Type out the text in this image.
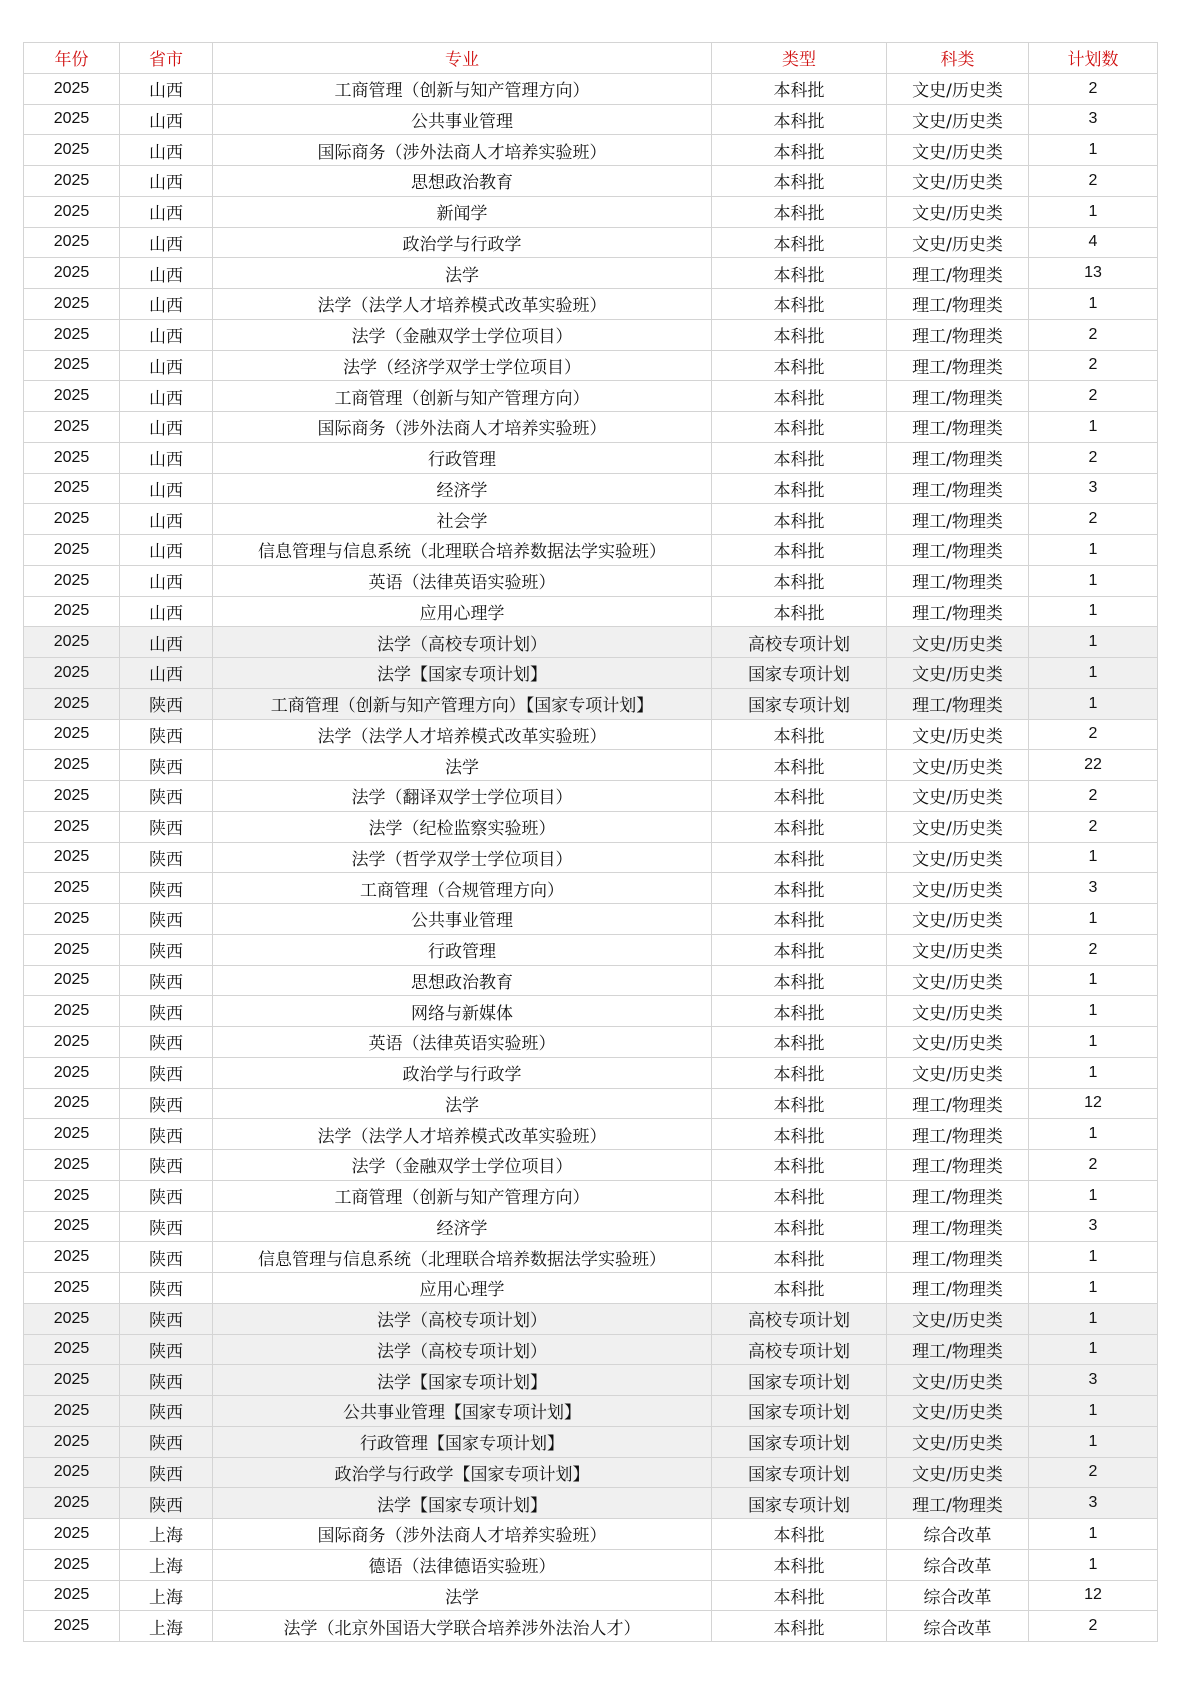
年份	省市	专业	类型	科类	计划数
2025	山西	工商管理（创新与知产管理方向）	本科批	文史/历史类	2
2025	山西	公共事业管理	本科批	文史/历史类	3
2025	山西	国际商务（涉外法商人才培养实验班）	本科批	文史/历史类	1
2025	山西	思想政治教育	本科批	文史/历史类	2
2025	山西	新闻学	本科批	文史/历史类	1
2025	山西	政治学与行政学	本科批	文史/历史类	4
2025	山西	法学	本科批	理工/物理类	13
2025	山西	法学（法学人才培养模式改革实验班）	本科批	理工/物理类	1
2025	山西	法学（金融双学士学位项目）	本科批	理工/物理类	2
2025	山西	法学（经济学双学士学位项目）	本科批	理工/物理类	2
2025	山西	工商管理（创新与知产管理方向）	本科批	理工/物理类	2
2025	山西	国际商务（涉外法商人才培养实验班）	本科批	理工/物理类	1
2025	山西	行政管理	本科批	理工/物理类	2
2025	山西	经济学	本科批	理工/物理类	3
2025	山西	社会学	本科批	理工/物理类	2
2025	山西	信息管理与信息系统（北理联合培养数据法学实验班）	本科批	理工/物理类	1
2025	山西	英语（法律英语实验班）	本科批	理工/物理类	1
2025	山西	应用心理学	本科批	理工/物理类	1
2025	山西	法学（高校专项计划）	高校专项计划	文史/历史类	1
2025	山西	法学【国家专项计划】	国家专项计划	文史/历史类	1
2025	陕西	工商管理（创新与知产管理方向）【国家专项计划】	国家专项计划	理工/物理类	1
2025	陕西	法学（法学人才培养模式改革实验班）	本科批	文史/历史类	2
2025	陕西	法学	本科批	文史/历史类	22
2025	陕西	法学（翻译双学士学位项目）	本科批	文史/历史类	2
2025	陕西	法学（纪检监察实验班）	本科批	文史/历史类	2
2025	陕西	法学（哲学双学士学位项目）	本科批	文史/历史类	1
2025	陕西	工商管理（合规管理方向）	本科批	文史/历史类	3
2025	陕西	公共事业管理	本科批	文史/历史类	1
2025	陕西	行政管理	本科批	文史/历史类	2
2025	陕西	思想政治教育	本科批	文史/历史类	1
2025	陕西	网络与新媒体	本科批	文史/历史类	1
2025	陕西	英语（法律英语实验班）	本科批	文史/历史类	1
2025	陕西	政治学与行政学	本科批	文史/历史类	1
2025	陕西	法学	本科批	理工/物理类	12
2025	陕西	法学（法学人才培养模式改革实验班）	本科批	理工/物理类	1
2025	陕西	法学（金融双学士学位项目）	本科批	理工/物理类	2
2025	陕西	工商管理（创新与知产管理方向）	本科批	理工/物理类	1
2025	陕西	经济学	本科批	理工/物理类	3
2025	陕西	信息管理与信息系统（北理联合培养数据法学实验班）	本科批	理工/物理类	1
2025	陕西	应用心理学	本科批	理工/物理类	1
2025	陕西	法学（高校专项计划）	高校专项计划	文史/历史类	1
2025	陕西	法学（高校专项计划）	高校专项计划	理工/物理类	1
2025	陕西	法学【国家专项计划】	国家专项计划	文史/历史类	3
2025	陕西	公共事业管理【国家专项计划】	国家专项计划	文史/历史类	1
2025	陕西	行政管理【国家专项计划】	国家专项计划	文史/历史类	1
2025	陕西	政治学与行政学【国家专项计划】	国家专项计划	文史/历史类	2
2025	陕西	法学【国家专项计划】	国家专项计划	理工/物理类	3
2025	上海	国际商务（涉外法商人才培养实验班）	本科批	综合改革	1
2025	上海	德语（法律德语实验班）	本科批	综合改革	1
2025	上海	法学	本科批	综合改革	12
2025	上海	法学（北京外国语大学联合培养涉外法治人才）	本科批	综合改革	2
